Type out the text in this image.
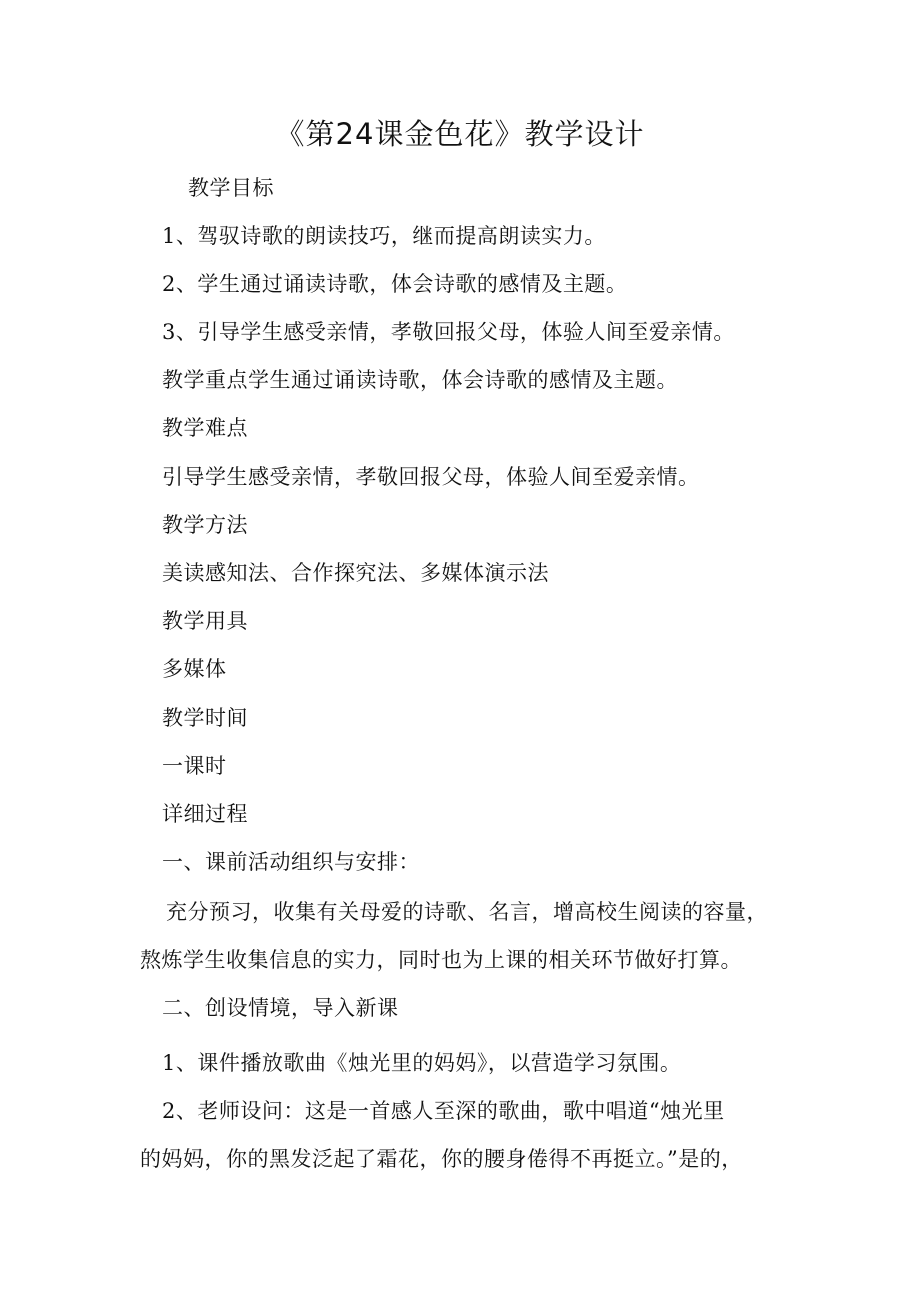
《第24课金色花》教学设计
教学目标
1、驾驭诗歌的朗读技巧，继而提高朗读实力。
2、学生通过诵读诗歌，体会诗歌的感情及主题。
3、引导学生感受亲情，孝敬回报父母，体验人间至爱亲情。
教学重点学生通过诵读诗歌，体会诗歌的感情及主题。
教学难点
引导学生感受亲情，孝敬回报父母，体验人间至爱亲情。
教学方法
美读感知法、合作探究法、多媒体演示法
教学用具
多媒体
教学时间
一课时
详细过程
一、课前活动组织与安排：
充分预习，收集有关母爱的诗歌、名言，增高校生阅读的容量，
熬炼学生收集信息的实力，同时也为上课的相关环节做好打算。
二、创设情境，导入新课
1、课件播放歌曲《烛光里的妈妈》，以营造学习氛围。
2、老师设问：这是一首感人至深的歌曲，歌中唱道“烛光里
的妈妈，你的黑发泛起了霜花，你的腰身倦得不再挺立。”是的，
